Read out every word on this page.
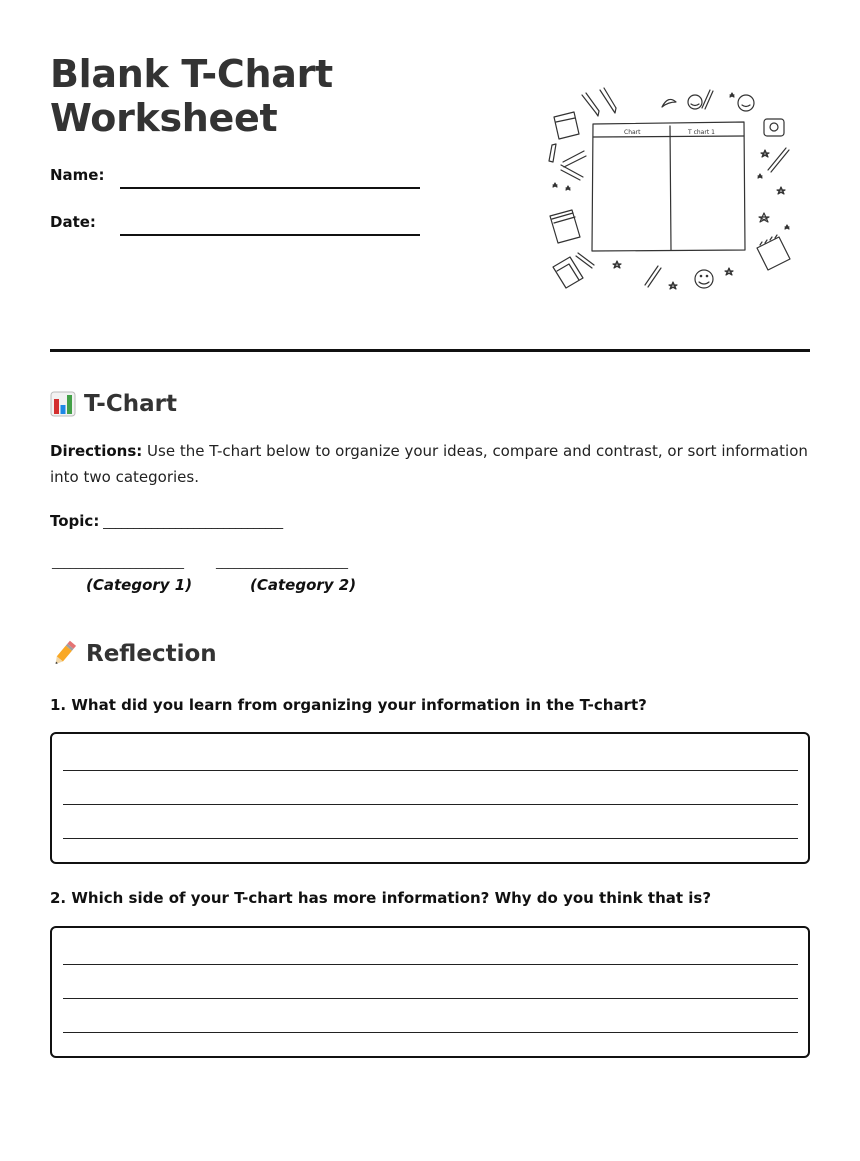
Blank T-Chart
Worksheet
Name:
Date:
Chart	T chart 1
T-Chart

Directions: Use the T-chart below to organize your ideas, compare and contrast, or sort information into two categories.

Topic: ______________________________
______________________	______________________
(Category 1)	(Category 2)
Reflection

1. What did you learn from organizing your information in the T-chart?

2. Which side of your T-chart has more information? Why do you think that is?
